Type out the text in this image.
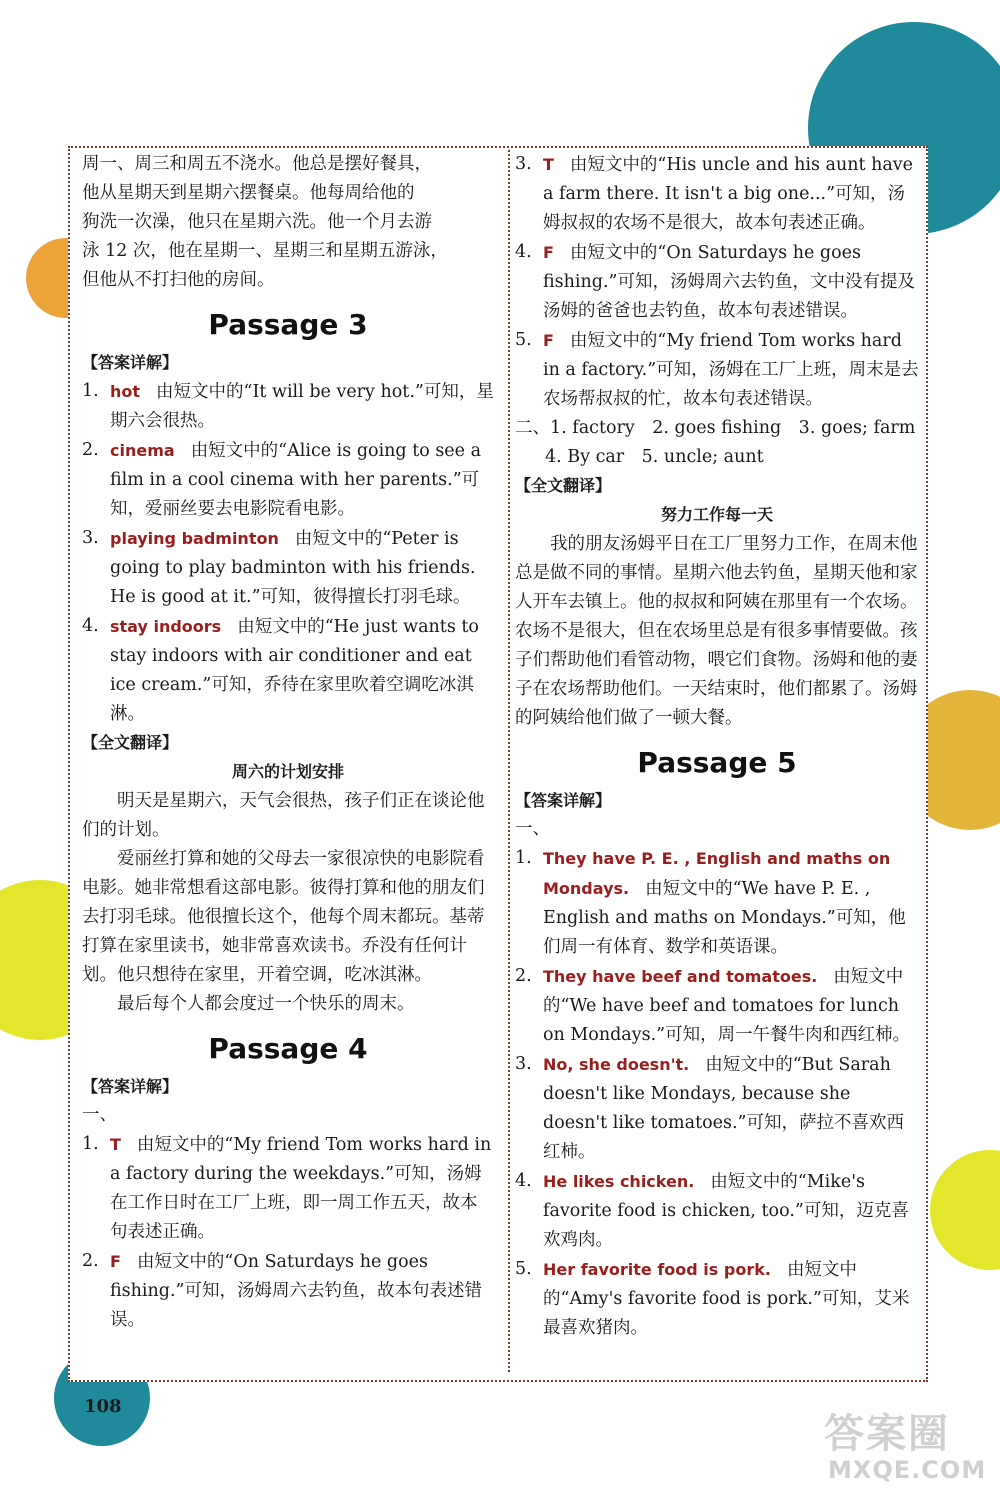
周一、周三和周五不浇水。他总是摆好餐具，

他从星期天到星期六摆餐桌。他每周给他的

狗洗一次澡，他只在星期六洗。他一个月去游

泳 12 次，他在星期一、星期三和星期五游泳，

但他从不打扫他的房间。

Passage 3
【答案详解】
1. hot 由短文中的“It will be very hot.”可知，星期六会很热。
2. cinema 由短文中的“Alice is going to see a film in a cool cinema with her parents.”可知，爱丽丝要去电影院看电影。
3. playing badminton 由短文中的“Peter is going to play badminton with his friends. He is good at it.”可知，彼得擅长打羽毛球。
4. stay indoors 由短文中的“He just wants to stay indoors with air conditioner and eat ice cream.”可知，乔待在家里吹着空调吃冰淇淋。
【全文翻译】
周六的计划安排

明天是星期六，天气会很热，孩子们正在谈论他们的计划。

爱丽丝打算和她的父母去一家很凉快的电影院看电影。她非常想看这部电影。彼得打算和他的朋友们去打羽毛球。他很擅长这个，他每个周末都玩。基蒂打算在家里读书，她非常喜欢读书。乔没有任何计划。他只想待在家里，开着空调，吃冰淇淋。

最后每个人都会度过一个快乐的周末。

Passage 4
【答案详解】

一、

1. T 由短文中的“My friend Tom works hard in a factory during the weekdays.”可知，汤姆在工作日时在工厂上班，即一周工作五天，故本句表述正确。
2. F 由短文中的“On Saturdays he goes fishing.”可知，汤姆周六去钓鱼，故本句表述错误。
3. T 由短文中的“His uncle and his aunt have a farm there. It isn't a big one...”可知，汤姆叔叔的农场不是很大，故本句表述正确。
4. F 由短文中的“On Saturdays he goes fishing.”可知，汤姆周六去钓鱼，文中没有提及汤姆的爸爸也去钓鱼，故本句表述错误。
5. F 由短文中的“My friend Tom works hard in a factory.”可知，汤姆在工厂上班，周末是去农场帮叔叔的忙，故本句表述错误。

二、1. factory　2. goes fishing　3. goes; farm

4. By car　5. uncle; aunt

【全文翻译】
努力工作每一天

我的朋友汤姆平日在工厂里努力工作，在周末他总是做不同的事情。星期六他去钓鱼，星期天他和家人开车去镇上。他的叔叔和阿姨在那里有一个农场。农场不是很大，但在农场里总是有很多事情要做。孩子们帮助他们看管动物，喂它们食物。汤姆和他的妻子在农场帮助他们。一天结束时，他们都累了。汤姆的阿姨给他们做了一顿大餐。

Passage 5
【答案详解】

一、

1. They have P. E. , English and maths on Mondays. 由短文中的“We have P. E. , English and maths on Mondays.”可知，他们周一有体育、数学和英语课。
2. They have beef and tomatoes. 由短文中的“We have beef and tomatoes for lunch on Mondays.”可知，周一午餐牛肉和西红柿。
3. No, she doesn't. 由短文中的“But Sarah doesn't like Mondays, because she doesn't like tomatoes.”可知，萨拉不喜欢西红柿。
4. He likes chicken. 由短文中的“Mike's favorite food is chicken, too.”可知，迈克喜欢鸡肉。
5. Her favorite food is pork. 由短文中的“Amy's favorite food is pork.”可知，艾米最喜欢猪肉。
108
答案圈
MXQE.COM
